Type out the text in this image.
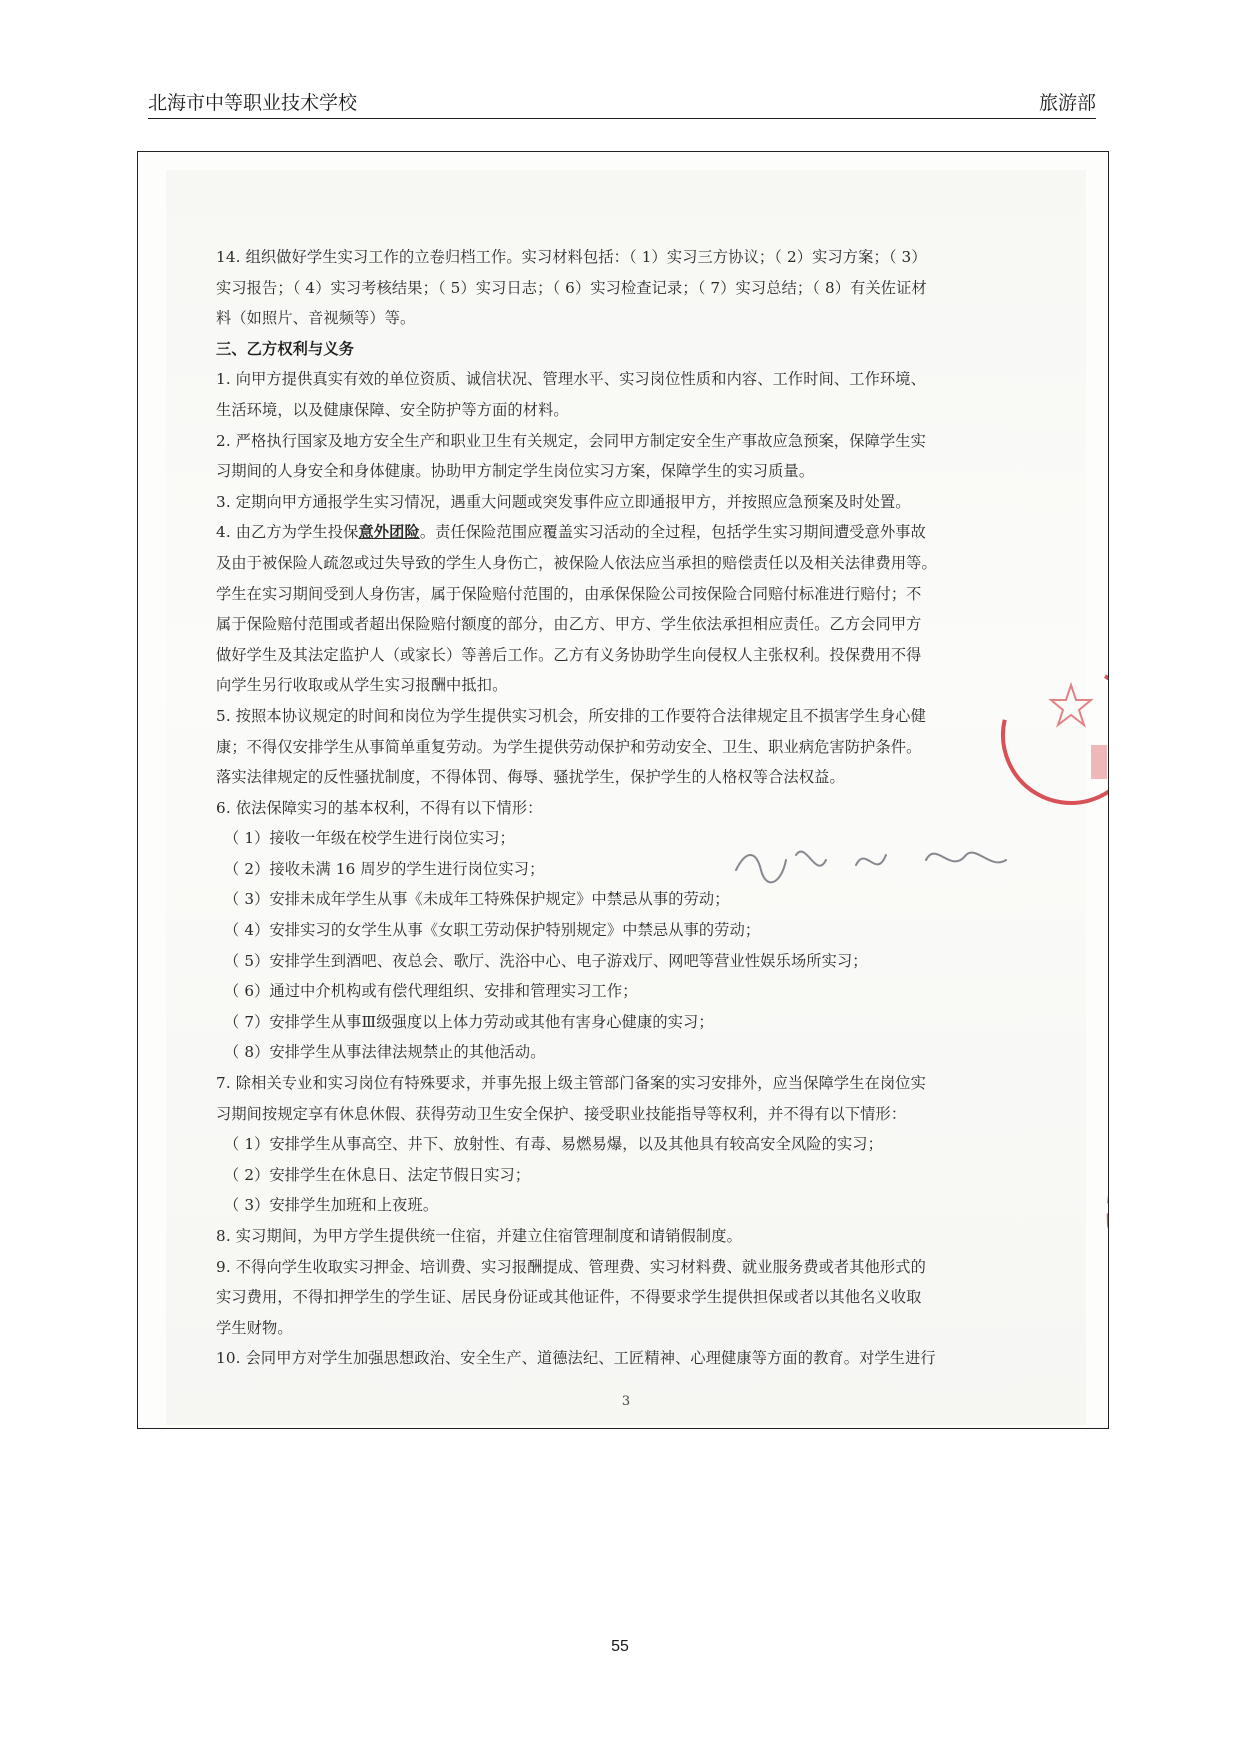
北海市中等职业技术学校	旅游部

14. 组织做好学生实习工作的立卷归档工作。实习材料包括：（ 1）实习三方协议；（ 2）实习方案；（ 3）

实习报告；（ 4）实习考核结果；（ 5）实习日志；（ 6）实习检查记录；（ 7）实习总结；（ 8）有关佐证材

料（如照片、音视频等）等。

三、乙方权利与义务

1. 向甲方提供真实有效的单位资质、诚信状况、管理水平、实习岗位性质和内容、工作时间、工作环境、

生活环境，以及健康保障、安全防护等方面的材料。

2. 严格执行国家及地方安全生产和职业卫生有关规定，会同甲方制定安全生产事故应急预案，保障学生实

习期间的人身安全和身体健康。协助甲方制定学生岗位实习方案，保障学生的实习质量。

3. 定期向甲方通报学生实习情况，遇重大问题或突发事件应立即通报甲方，并按照应急预案及时处置。

4. 由乙方为学生投保意外团险。责任保险范围应覆盖实习活动的全过程，包括学生实习期间遭受意外事故

及由于被保险人疏忽或过失导致的学生人身伤亡，被保险人依法应当承担的赔偿责任以及相关法律费用等。

学生在实习期间受到人身伤害，属于保险赔付范围的，由承保保险公司按保险合同赔付标准进行赔付；不

属于保险赔付范围或者超出保险赔付额度的部分，由乙方、甲方、学生依法承担相应责任。乙方会同甲方

做好学生及其法定监护人（或家长）等善后工作。乙方有义务协助学生向侵权人主张权利。投保费用不得

向学生另行收取或从学生实习报酬中抵扣。

5. 按照本协议规定的时间和岗位为学生提供实习机会，所安排的工作要符合法律规定且不损害学生身心健

康；不得仅安排学生从事简单重复劳动。为学生提供劳动保护和劳动安全、卫生、职业病危害防护条件。

落实法律规定的反性骚扰制度，不得体罚、侮辱、骚扰学生，保护学生的人格权等合法权益。

6. 依法保障实习的基本权利，不得有以下情形：

（ 1）接收一年级在校学生进行岗位实习；

（ 2）接收未满 16 周岁的学生进行岗位实习；

（ 3）安排未成年学生从事《未成年工特殊保护规定》中禁忌从事的劳动；

（ 4）安排实习的女学生从事《女职工劳动保护特别规定》中禁忌从事的劳动；

（ 5）安排学生到酒吧、夜总会、歌厅、洗浴中心、电子游戏厅、网吧等营业性娱乐场所实习；

（ 6）通过中介机构或有偿代理组织、安排和管理实习工作；

（ 7）安排学生从事Ⅲ级强度以上体力劳动或其他有害身心健康的实习；

（ 8）安排学生从事法律法规禁止的其他活动。

7. 除相关专业和实习岗位有特殊要求，并事先报上级主管部门备案的实习安排外，应当保障学生在岗位实

习期间按规定享有休息休假、获得劳动卫生安全保护、接受职业技能指导等权利，并不得有以下情形：

（ 1）安排学生从事高空、井下、放射性、有毒、易燃易爆，以及其他具有较高安全风险的实习；

（ 2）安排学生在休息日、法定节假日实习；

（ 3）安排学生加班和上夜班。

8. 实习期间，为甲方学生提供统一住宿，并建立住宿管理制度和请销假制度。

9. 不得向学生收取实习押金、培训费、实习报酬提成、管理费、实习材料费、就业服务费或者其他形式的

实习费用，不得扣押学生的学生证、居民身份证或其他证件，不得要求学生提供担保或者以其他名义收取

学生财物。

10. 会同甲方对学生加强思想政治、安全生产、道德法纪、工匠精神、心理健康等方面的教育。对学生进行

3
55
